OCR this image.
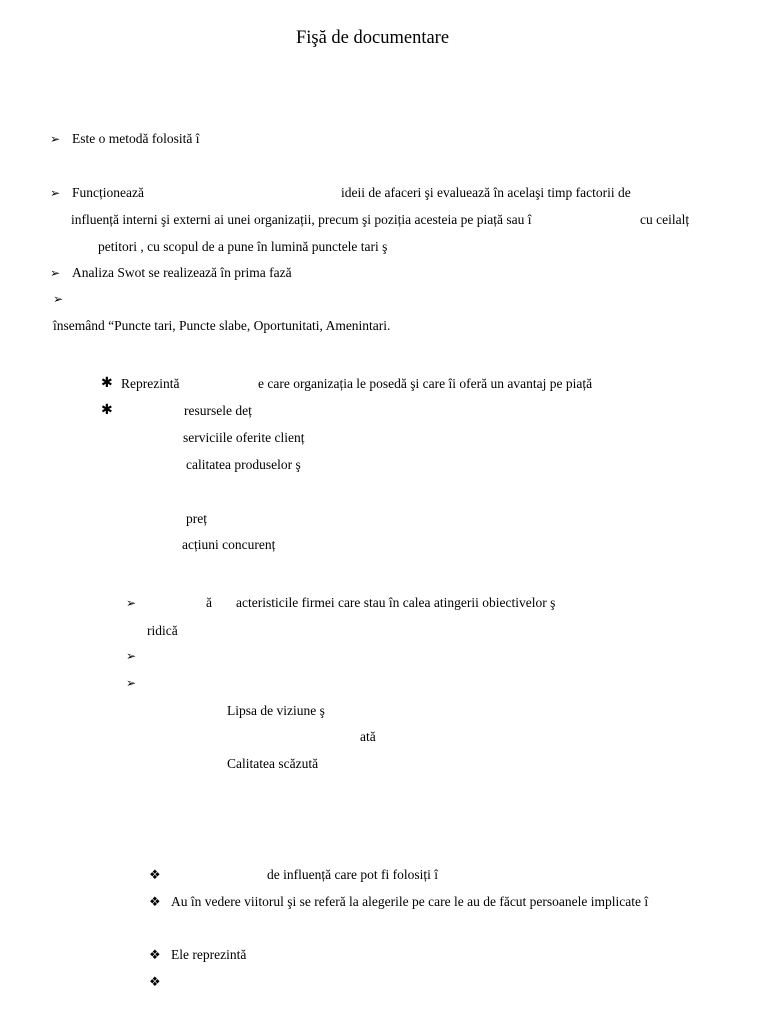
Fişă de documentare
➢ Este o metodă folosită î
➢ Funcționează	ideii de afaceri şi evaluează în acelaşi timp factorii de
influență interni şi externi ai unei organizații, precum şi poziția acesteia pe piață sau î	cu ceilalț
petitori , cu scopul de a pune în lumină punctele tari ş
➢ Analiza Swot se realizează în prima fază
➢
însemând “Puncte tari, Puncte slabe, Oportunitati, Amenintari.
✱ Reprezintă	e care organizația le posedă şi care îi oferă un avantaj pe piață
✱	resursele deț
serviciile oferite clienț
calitatea produselor ş
preț
acțiuni concurenț
➢	ă acteristicile firmei care stau în calea atingerii obiectivelor ş
ridică
➢
➢
Lipsa de viziune ş
ată
Calitatea scăzută
❖	de influență care pot fi folosiți î
❖ Au în vedere viitorul şi se referă la alegerile pe care le au de făcut persoanele implicate î
❖ Ele reprezintă
❖
